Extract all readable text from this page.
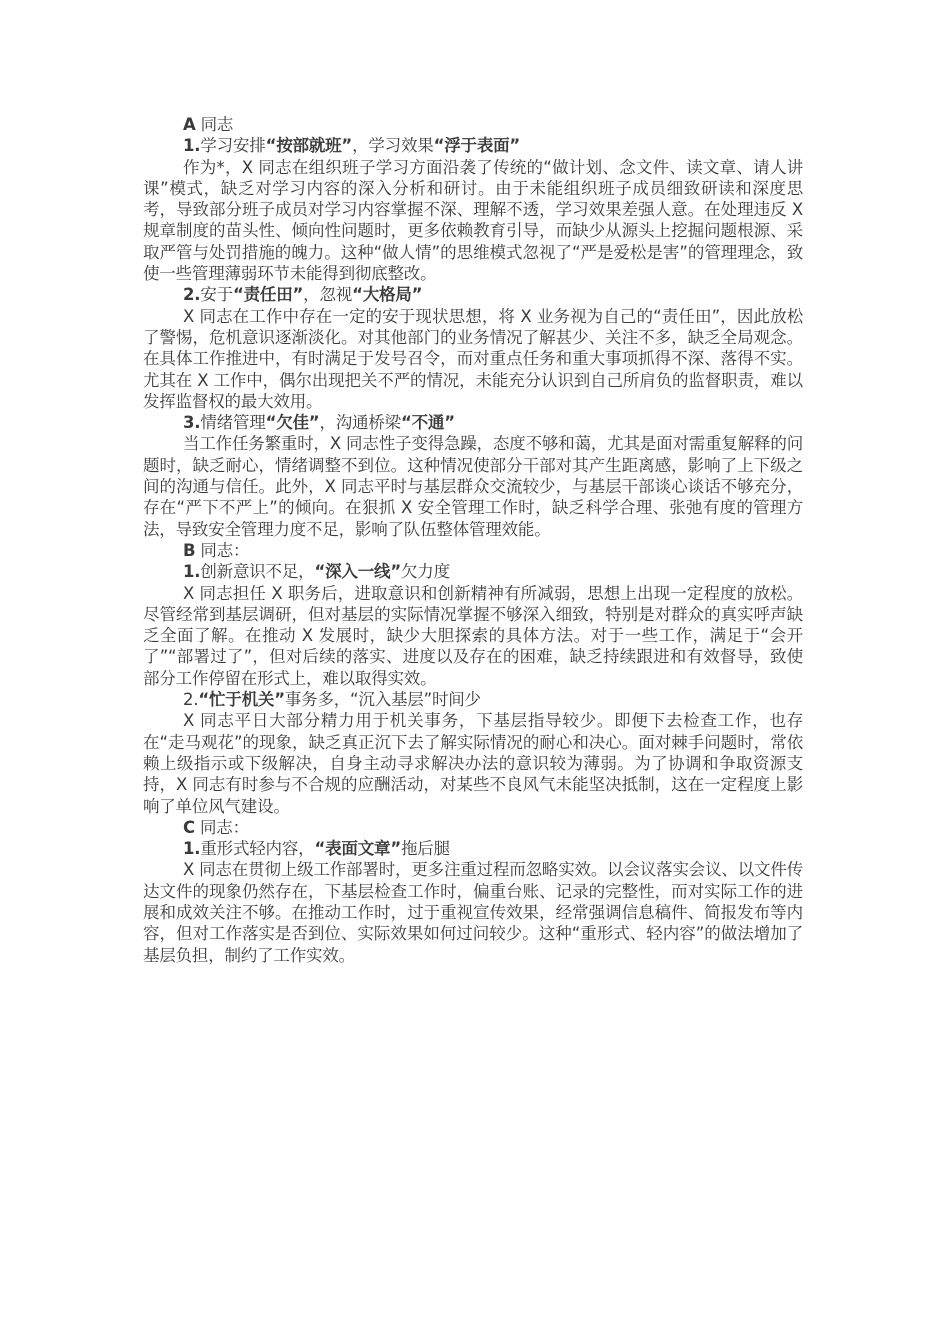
A 同志

1.学习安排“按部就班”，学习效果“浮于表面”

作为*，X 同志在组织班子学习方面沿袭了传统的“做计划、念文件、读文章、请人讲课”模式，缺乏对学习内容的深入分析和研讨。由于未能组织班子成员细致研读和深度思考，导致部分班子成员对学习内容掌握不深、理解不透，学习效果差强人意。在处理违反 X 规章制度的苗头性、倾向性问题时，更多依赖教育引导，而缺少从源头上挖掘问题根源、采取严管与处罚措施的魄力。这种“做人情”的思维模式忽视了“严是爱松是害”的管理理念，致使一些管理薄弱环节未能得到彻底整改。

2.安于“责任田”，忽视“大格局”

X 同志在工作中存在一定的安于现状思想，将 X 业务视为自己的“责任田”，因此放松了警惕，危机意识逐渐淡化。对其他部门的业务情况了解甚少、关注不多，缺乏全局观念。在具体工作推进中，有时满足于发号召令，而对重点任务和重大事项抓得不深、落得不实。尤其在 X 工作中，偶尔出现把关不严的情况，未能充分认识到自己所肩负的监督职责，难以发挥监督权的最大效用。

3.情绪管理“欠佳”，沟通桥梁“不通”

当工作任务繁重时，X 同志性子变得急躁，态度不够和蔼，尤其是面对需重复解释的问题时，缺乏耐心，情绪调整不到位。这种情况使部分干部对其产生距离感，影响了上下级之间的沟通与信任。此外，X 同志平时与基层群众交流较少，与基层干部谈心谈话不够充分，存在“严下不严上”的倾向。在狠抓 X 安全管理工作时，缺乏科学合理、张弛有度的管理方法，导致安全管理力度不足，影响了队伍整体管理效能。

B 同志：

1.创新意识不足，“深入一线”欠力度

X 同志担任 X 职务后，进取意识和创新精神有所减弱，思想上出现一定程度的放松。尽管经常到基层调研，但对基层的实际情况掌握不够深入细致，特别是对群众的真实呼声缺乏全面了解。在推动 X 发展时，缺少大胆探索的具体方法。对于一些工作，满足于“会开了”“部署过了”，但对后续的落实、进度以及存在的困难，缺乏持续跟进和有效督导，致使部分工作停留在形式上，难以取得实效。

2.“忙于机关”事务多，“沉入基层”时间少

X 同志平日大部分精力用于机关事务，下基层指导较少。即便下去检查工作，也存在“走马观花”的现象，缺乏真正沉下去了解实际情况的耐心和决心。面对棘手问题时，常依赖上级指示或下级解决，自身主动寻求解决办法的意识较为薄弱。为了协调和争取资源支持，X 同志有时参与不合规的应酬活动，对某些不良风气未能坚决抵制，这在一定程度上影响了单位风气建设。

C 同志：

1.重形式轻内容，“表面文章”拖后腿

X 同志在贯彻上级工作部署时，更多注重过程而忽略实效。以会议落实会议、以文件传达文件的现象仍然存在，下基层检查工作时，偏重台账、记录的完整性，而对实际工作的进展和成效关注不够。在推动工作时，过于重视宣传效果，经常强调信息稿件、简报发布等内容，但对工作落实是否到位、实际效果如何过问较少。这种“重形式、轻内容”的做法增加了基层负担，制约了工作实效。
